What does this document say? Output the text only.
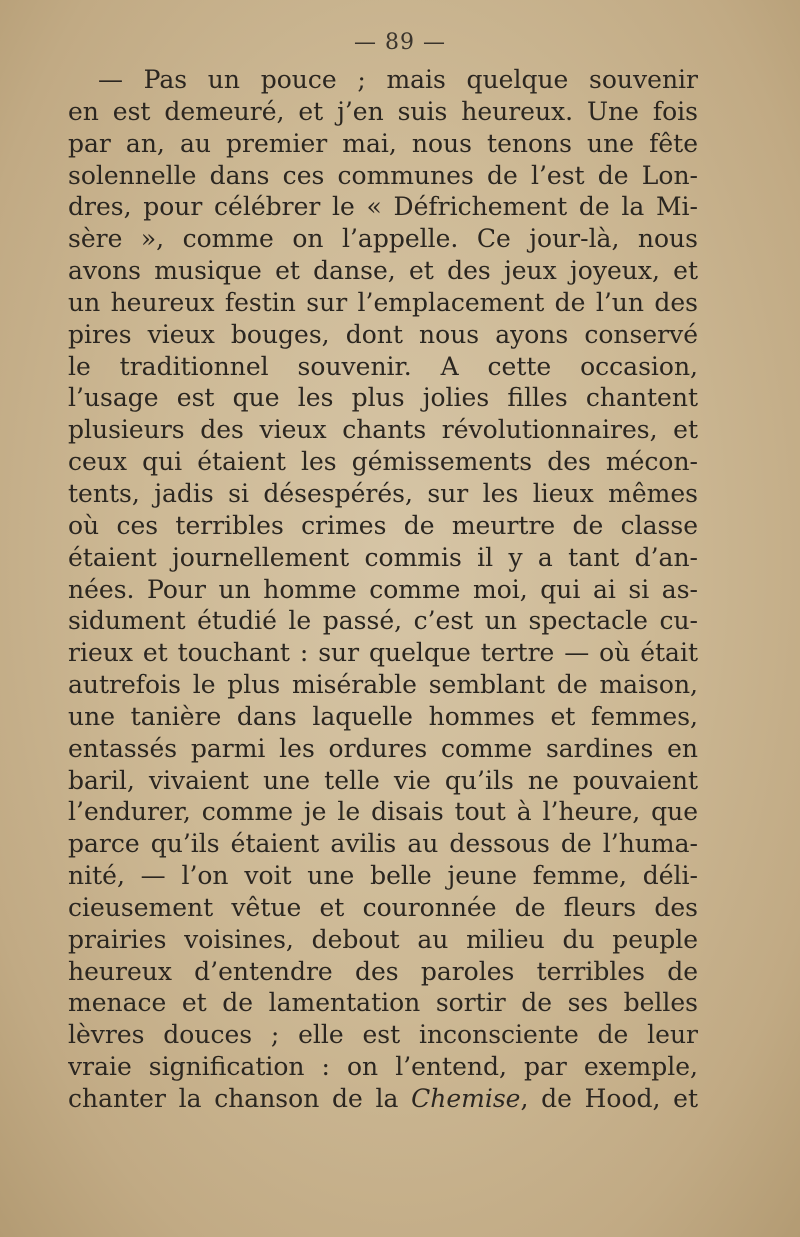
— 89 —
— Pas un pouce ; mais quelque souvenir
en est demeuré, et j’en suis heureux. Une fois
par an, au premier mai, nous tenons une fête
solennelle dans ces communes de l’est de Lon-
dres, pour célébrer le « Défrichement de la Mi-
sère », comme on l’appelle. Ce jour-là, nous
avons musique et danse, et des jeux joyeux, et
un heureux festin sur l’emplacement de l’un des
pires vieux bouges, dont nous ayons conservé
le traditionnel souvenir. A cette occasion,
l’usage est que les plus jolies filles chantent
plusieurs des vieux chants révolutionnaires, et
ceux qui étaient les gémissements des mécon-
tents, jadis si désespérés, sur les lieux mêmes
où ces terribles crimes de meurtre de classe
étaient journellement commis il y a tant d’an-
nées. Pour un homme comme moi, qui ai si as-
sidument étudié le passé, c’est un spectacle cu-
rieux et touchant : sur quelque tertre — où était
autrefois le plus misérable semblant de maison,
une tanière dans laquelle hommes et femmes,
entassés parmi les ordures comme sardines en
baril, vivaient une telle vie qu’ils ne pouvaient
l’endurer, comme je le disais tout à l’heure, que
parce qu’ils étaient avilis au dessous de l’huma-
nité, — l’on voit une belle jeune femme, déli-
cieusement vêtue et couronnée de fleurs des
prairies voisines, debout au milieu du peuple
heureux d’entendre des paroles terribles de
menace et de lamentation sortir de ses belles
lèvres douces ; elle est inconsciente de leur
vraie signification : on l’entend, par exemple,
chanter la chanson de la Chemise, de Hood, et
